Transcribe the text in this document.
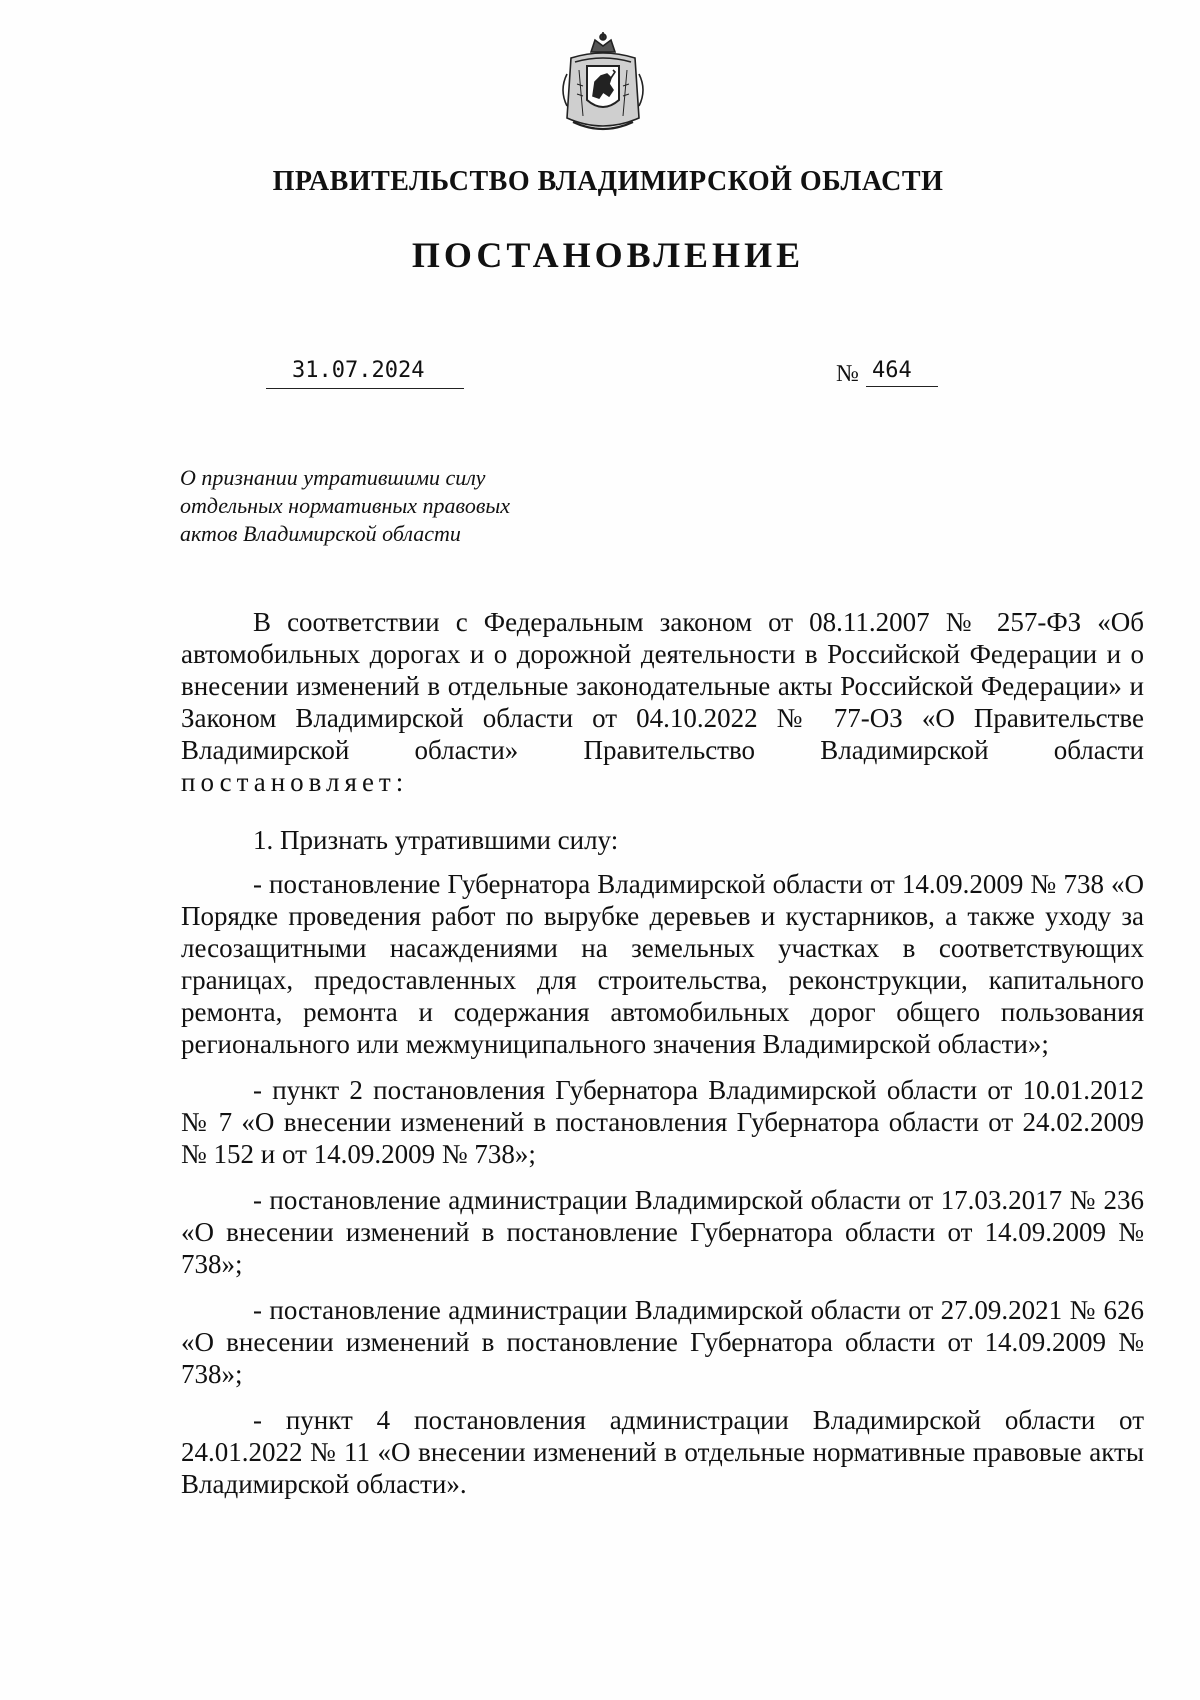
ПРАВИТЕЛЬСТВО ВЛАДИМИРСКОЙ ОБЛАСТИ
ПОСТАНОВЛЕНИЕ
31.07.2024	№ 464
О признании утратившими силу
отдельных нормативных правовых
актов Владимирской области

В соответствии с Федеральным законом от 08.11.2007 № 257-ФЗ «Об автомобильных дорогах и о дорожной деятельности в Российской Федерации и о внесении изменений в отдельные законодательные акты Российской Федерации» и Законом Владимирской области от 04.10.2022 № 77-ОЗ «О Правительстве Владимирской области» Правительство Владимирской области постановляет:

1. Признать утратившими силу:

- постановление Губернатора Владимирской области от 14.09.2009 № 738 «О Порядке проведения работ по вырубке деревьев и кустарников, а также уходу за лесозащитными насаждениями на земельных участках в соответствующих границах, предоставленных для строительства, реконструкции, капитального ремонта, ремонта и содержания автомобильных дорог общего пользования регионального или межмуниципального значения Владимирской области»;

- пункт 2 постановления Губернатора Владимирской области от 10.01.2012 № 7 «О внесении изменений в постановления Губернатора области от 24.02.2009 № 152 и от 14.09.2009 № 738»;

- постановление администрации Владимирской области от 17.03.2017 № 236 «О внесении изменений в постановление Губернатора области от 14.09.2009 № 738»;

- постановление администрации Владимирской области от 27.09.2021 № 626 «О внесении изменений в постановление Губернатора области от 14.09.2009 № 738»;

- пункт 4 постановления администрации Владимирской области от 24.01.2022 № 11 «О внесении изменений в отдельные нормативные правовые акты Владимирской области».
